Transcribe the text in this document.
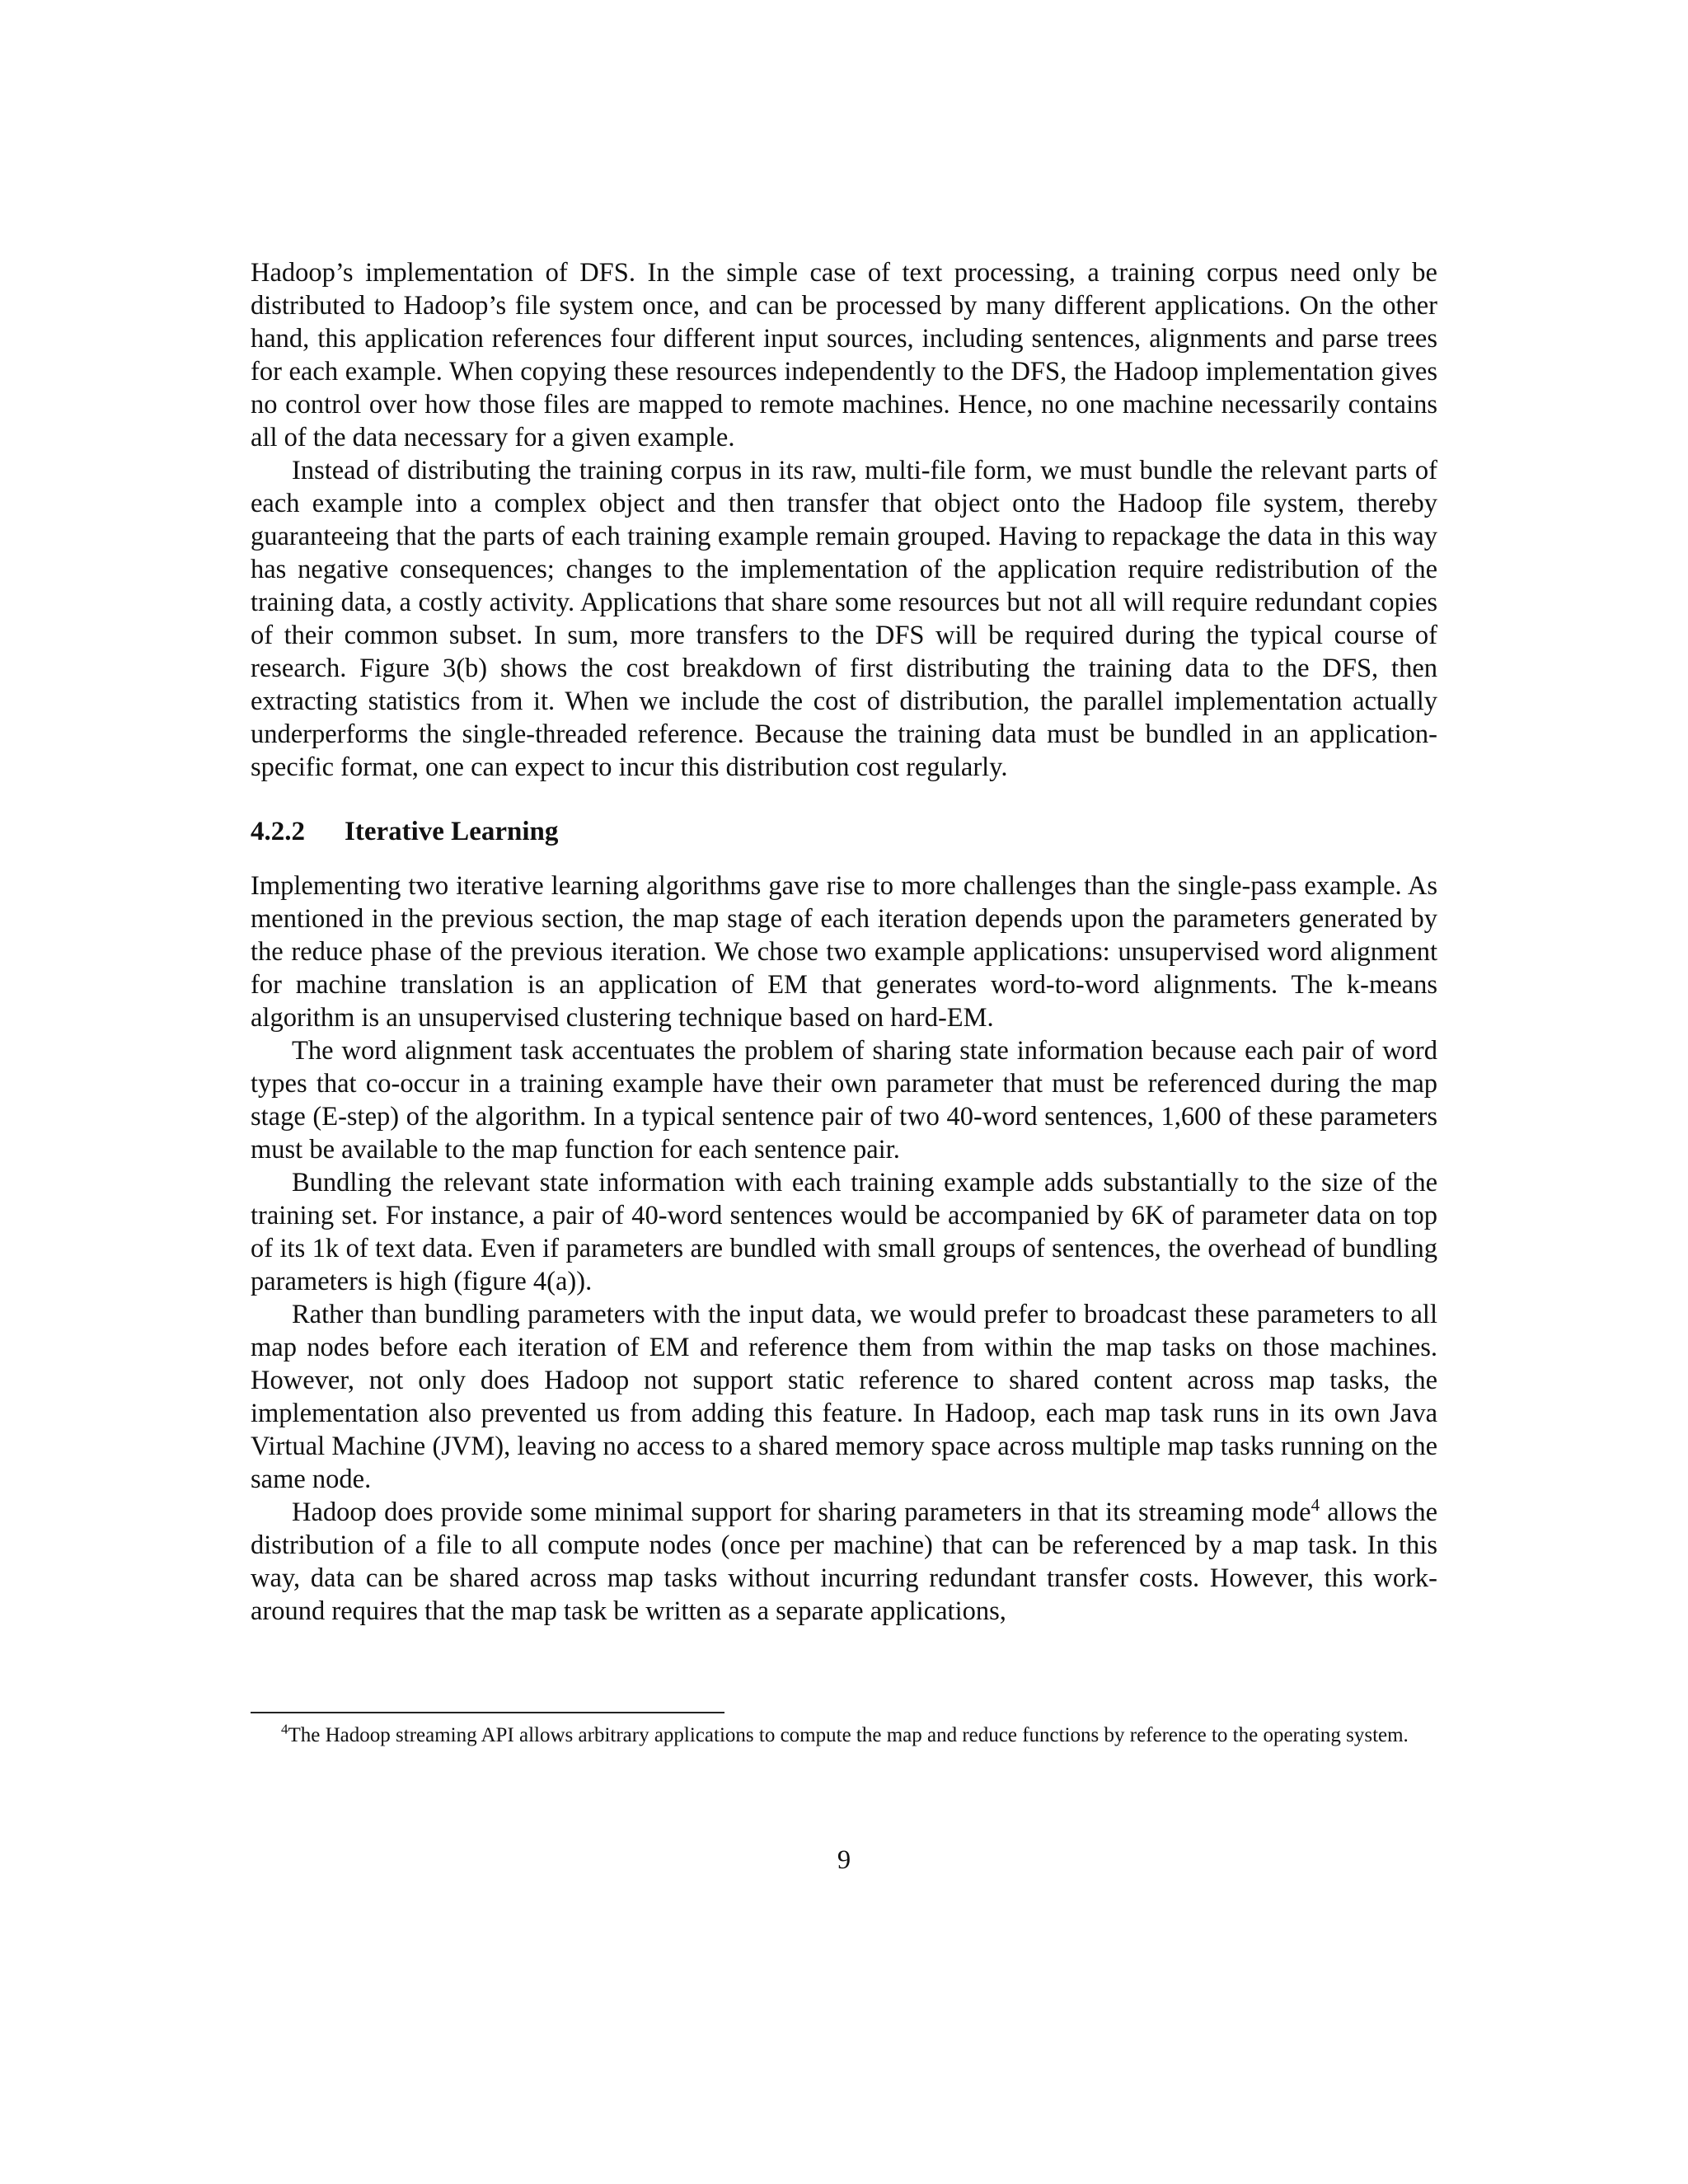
Hadoop’s implementation of DFS. In the simple case of text processing, a training corpus need only be distributed to Hadoop’s file system once, and can be processed by many different applications. On the other hand, this application references four different input sources, including sentences, alignments and parse trees for each example. When copying these resources independently to the DFS, the Hadoop implementation gives no control over how those files are mapped to remote machines. Hence, no one machine necessarily contains all of the data necessary for a given example.

Instead of distributing the training corpus in its raw, multi-file form, we must bundle the relevant parts of each example into a complex object and then transfer that object onto the Hadoop file system, thereby guaranteeing that the parts of each training example remain grouped. Having to repackage the data in this way has negative consequences; changes to the implementation of the application require redistribution of the training data, a costly activity. Applications that share some resources but not all will require redundant copies of their common subset. In sum, more transfers to the DFS will be required during the typical course of research. Figure 3(b) shows the cost breakdown of first distributing the training data to the DFS, then extracting statistics from it. When we include the cost of distribution, the parallel implementation actually underperforms the single-threaded reference. Because the training data must be bundled in an application-specific format, one can expect to incur this distribution cost regularly.

4.2.2 Iterative Learning

Implementing two iterative learning algorithms gave rise to more challenges than the single-pass example. As mentioned in the previous section, the map stage of each iteration depends upon the parameters generated by the reduce phase of the previous iteration. We chose two example applications: unsupervised word alignment for machine translation is an application of EM that generates word-to-word alignments. The k-means algorithm is an unsupervised clustering technique based on hard-EM.

The word alignment task accentuates the problem of sharing state information because each pair of word types that co-occur in a training example have their own parameter that must be referenced during the map stage (E-step) of the algorithm. In a typical sentence pair of two 40-word sentences, 1,600 of these parameters must be available to the map function for each sentence pair.

Bundling the relevant state information with each training example adds substantially to the size of the training set. For instance, a pair of 40-word sentences would be accompanied by 6K of parameter data on top of its 1k of text data. Even if parameters are bundled with small groups of sentences, the overhead of bundling parameters is high (figure 4(a)).

Rather than bundling parameters with the input data, we would prefer to broadcast these parameters to all map nodes before each iteration of EM and reference them from within the map tasks on those machines. However, not only does Hadoop not support static reference to shared content across map tasks, the implementation also prevented us from adding this feature. In Hadoop, each map task runs in its own Java Virtual Machine (JVM), leaving no access to a shared memory space across multiple map tasks running on the same node.

Hadoop does provide some minimal support for sharing parameters in that its streaming mode$^4$ allows the distribution of a file to all compute nodes (once per machine) that can be referenced by a map task. In this way, data can be shared across map tasks without incurring redundant transfer costs. However, this work-around requires that the map task be written as a separate applications,

$^4$The Hadoop streaming API allows arbitrary applications to compute the map and reduce functions by reference to the operating system.

9
